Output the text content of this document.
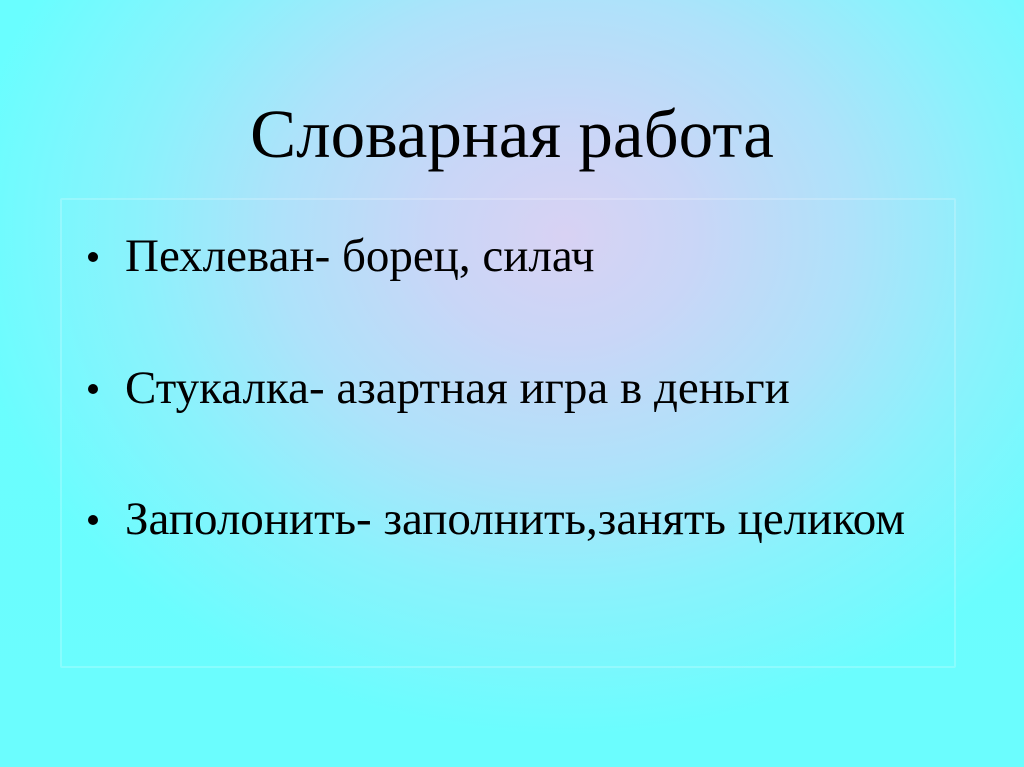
Словарная работа
Пехлеван- борец, силач
Стукалка- азартная игра в деньги
Заполонить- заполнить,занять целиком
